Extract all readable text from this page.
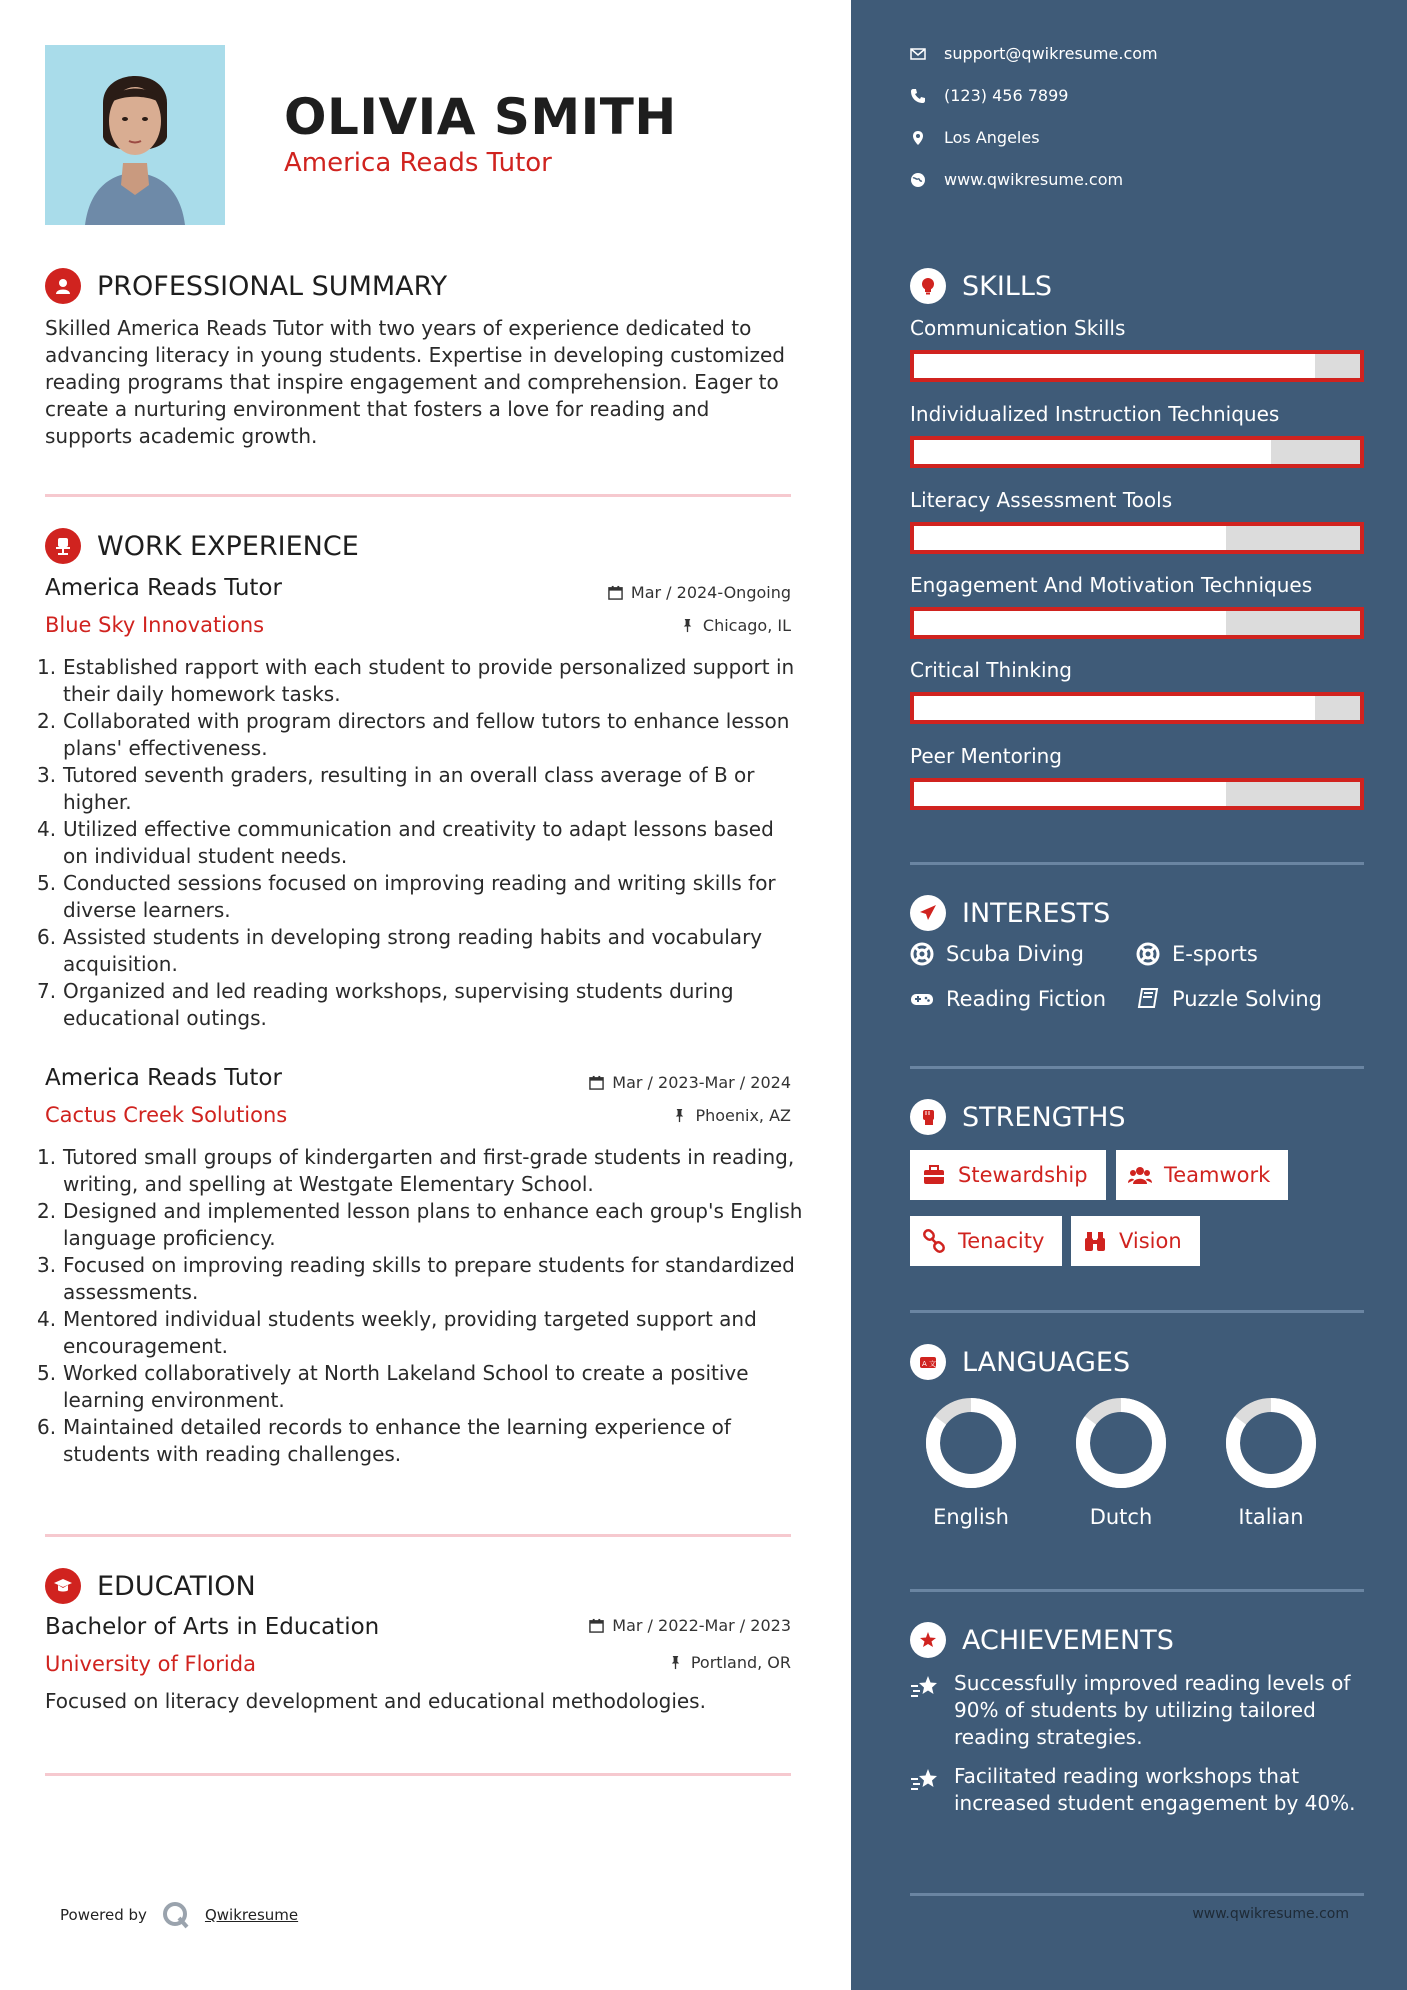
OLIVIA SMITH
America Reads Tutor
PROFESSIONAL SUMMARY
Skilled America Reads Tutor with two years of experience dedicated to advancing literacy in young students. Expertise in developing customized reading programs that inspire engagement and comprehension. Eager to create a nurturing environment that fosters a love for reading and supports academic growth.
WORK EXPERIENCE
America Reads Tutor	Mar / 2024-Ongoing
Blue Sky Innovations	Chicago, IL
1. Established rapport with each student to provide personalized support in their daily homework tasks.
2. Collaborated with program directors and fellow tutors to enhance lesson plans' effectiveness.
3. Tutored seventh graders, resulting in an overall class average of B or higher.
4. Utilized effective communication and creativity to adapt lessons based on individual student needs.
5. Conducted sessions focused on improving reading and writing skills for diverse learners.
6. Assisted students in developing strong reading habits and vocabulary acquisition.
7. Organized and led reading workshops, supervising students during educational outings.
America Reads Tutor	Mar / 2023-Mar / 2024
Cactus Creek Solutions	Phoenix, AZ
1. Tutored small groups of kindergarten and first-grade students in reading, writing, and spelling at Westgate Elementary School.
2. Designed and implemented lesson plans to enhance each group's English language proficiency.
3. Focused on improving reading skills to prepare students for standardized assessments.
4. Mentored individual students weekly, providing targeted support and encouragement.
5. Worked collaboratively at North Lakeland School to create a positive learning environment.
6. Maintained detailed records to enhance the learning experience of students with reading challenges.
EDUCATION
Bachelor of Arts in Education	Mar / 2022-Mar / 2023
University of Florida	Portland, OR
Focused on literacy development and educational methodologies.
Powered by	Qwikresume
support@qwikresume.com
(123) 456 7899
Los Angeles
www.qwikresume.com
SKILLS
Communication Skills
Individualized Instruction Techniques
Literacy Assessment Tools
Engagement And Motivation Techniques
Critical Thinking
Peer Mentoring
INTERESTS
Scuba Diving	E-sports
Reading Fiction	Puzzle Solving
STRENGTHS
Stewardship	Teamwork
Tenacity	Vision
A 文 LANGUAGES
English	Dutch	Italian
ACHIEVEMENTS
Successfully improved reading levels of 90% of students by utilizing tailored reading strategies.
Facilitated reading workshops that increased student engagement by 40%.
www.qwikresume.com
